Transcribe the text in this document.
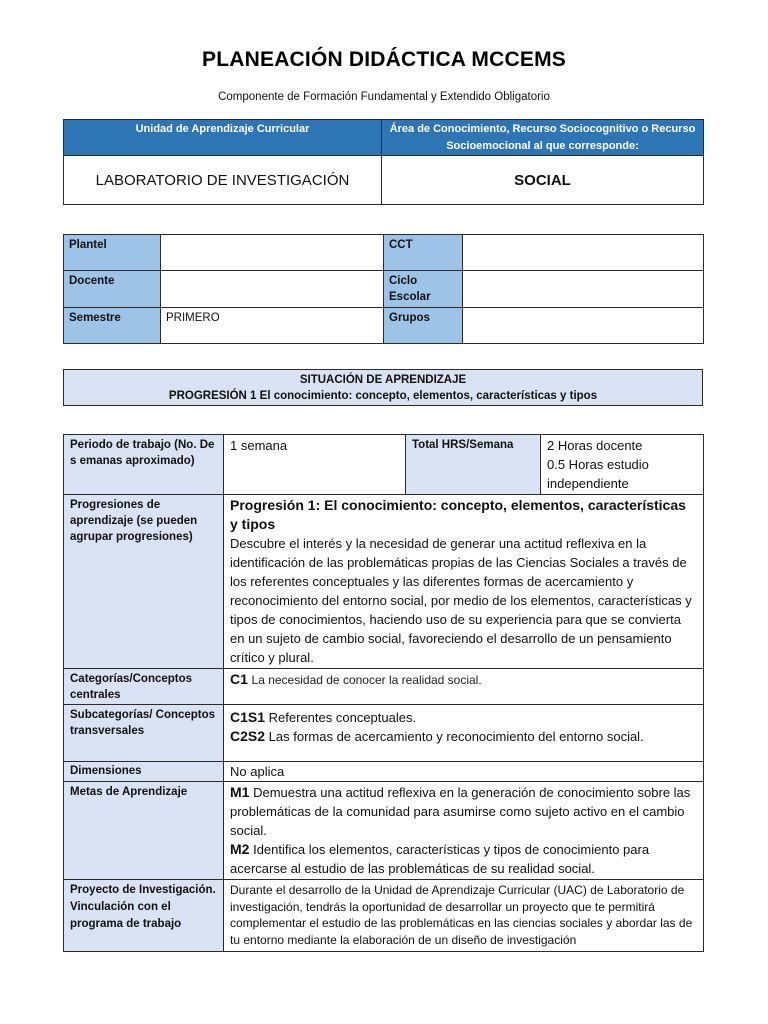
PLANEACIÓN DIDÁCTICA MCCEMS
Componente de Formación Fundamental y Extendido Obligatorio
Unidad de Aprendizaje Curricular	Área de Conocimiento, Recurso Sociocognitivo o Recurso Socioemocional al que corresponde:
LABORATORIO DE INVESTIGACIÓN	SOCIAL
Plantel		CCT	
Docente		Ciclo Escolar	
Semestre	PRIMERO	Grupos	
SITUACIÓN DE APRENDIZAJE
PROGRESIÓN 1 El conocimiento: concepto, elementos, características y tipos
Periodo de trabajo (No. De s emanas aproximado)	1 semana	Total HRS/Semana	2 Horas docente
0.5 Horas estudio
independiente

Progresiones de aprendizaje (se pueden agrupar progresiones)	Progresión 1: El conocimiento: concepto, elementos, características y tipos
Descubre el interés y la necesidad de generar una actitud reflexiva en la identificación de las problemáticas propias de las Ciencias Sociales a través de los referentes conceptuales y las diferentes formas de acercamiento y reconocimiento del entorno social, por medio de los elementos, características y tipos de conocimientos, haciendo uso de su experiencia para que se convierta en un sujeto de cambio social, favoreciendo el desarrollo de un pensamiento crítico y plural.		
Categorías/Conceptos centrales	C1 La necesidad de conocer la realidad social.		
Subcategorías/ Conceptos transversales	C1S1 Referentes conceptuales.
C2S2 Las formas de acercamiento y reconocimiento del entorno social.		

Dimensiones	No aplica		
Metas de Aprendizaje	M1 Demuestra una actitud reflexiva en la generación de conocimiento sobre las problemáticas de la comunidad para asumirse como sujeto activo en el cambio social.
M2 Identifica los elementos, características y tipos de conocimiento para acercarse al estudio de las problemáticas de su realidad social.		

Proyecto de Investigación. Vinculación con el programa de trabajo	Durante el desarrollo de la Unidad de Aprendizaje Curricular (UAC) de Laboratorio de investigación, tendrás la oportunidad de desarrollar un proyecto que te permitirá complementar el estudio de las problemáticas en las ciencias sociales y abordar las de tu entorno mediante la elaboración de un diseño de investigación		
